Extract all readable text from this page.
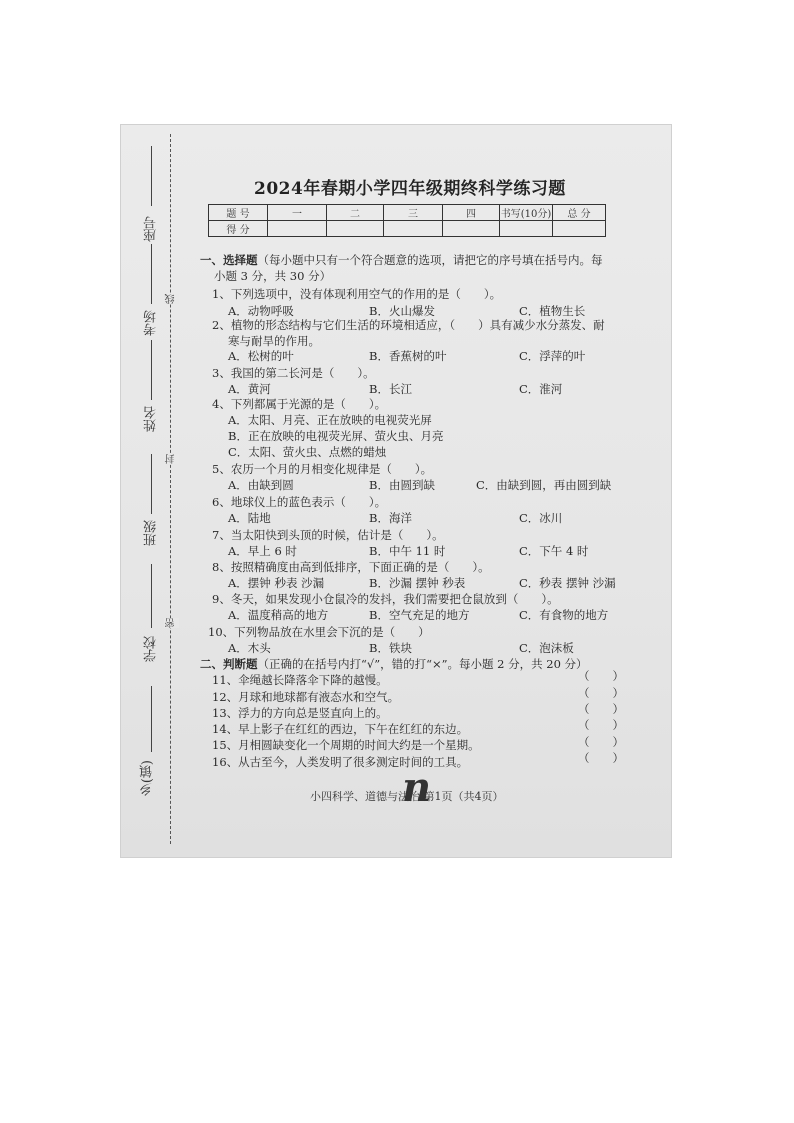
座号
考场
姓名
班级
学校
乡(镇)
线
封
密
2024年春期小学四年级期终科学练习题
题 号	一	二	三	四	书写(10分)	总 分
得 分						
一、选择题（每小题中只有一个符合题意的选项，请把它的序号填在括号内。每
小题 3 分，共 30 分）
1、下列选项中，没有体现利用空气的作用的是（　　）。
A．动物呼吸	B．火山爆发	C．植物生长
2、植物的形态结构与它们生活的环境相适应，（　　）具有减少水分蒸发、耐
寒与耐旱的作用。
A．松树的叶	B．香蕉树的叶	C．浮萍的叶
3、我国的第二长河是（　　）。
A．黄河	B．长江	C．淮河
4、下列都属于光源的是（　　）。
A．太阳、月亮、正在放映的电视荧光屏
B．正在放映的电视荧光屏、萤火虫、月亮
C．太阳、萤火虫、点燃的蜡烛
5、农历一个月的月相变化规律是（　　）。
A．由缺到圆	B．由圆到缺	C．由缺到圆，再由圆到缺
6、地球仪上的蓝色表示（　　）。
A．陆地	B．海洋	C．冰川
7、当太阳快到头顶的时候，估计是（　　）。
A．早上 6 时	B．中午 11 时	C．下午 4 时
8、按照精确度由高到低排序，下面正确的是（　　）。
A．摆钟 秒表 沙漏	B．沙漏 摆钟 秒表	C．秒表 摆钟 沙漏
9、冬天，如果发现小仓鼠冷的发抖，我们需要把仓鼠放到（　　）。
A．温度稍高的地方	B．空气充足的地方	C．有食物的地方
10、下列物品放在水里会下沉的是（　　）
A．木头	B．铁块	C．泡沫板
二、判断题（正确的在括号内打“√”，错的打“×”。每小题 2 分，共 20 分）
11、伞绳越长降落伞下降的越慢。	（　　）
12、月球和地球都有液态水和空气。	（　　）
13、浮力的方向总是竖直向上的。	（　　）
14、早上影子在红红的西边，下午在红红的东边。	（　　）
15、月相圆缺变化一个周期的时间大约是一个星期。	（　　）
16、从古至今，人类发明了很多测定时间的工具。	（　　）
n
小四科学、道德与法治 第1页（共4页）
